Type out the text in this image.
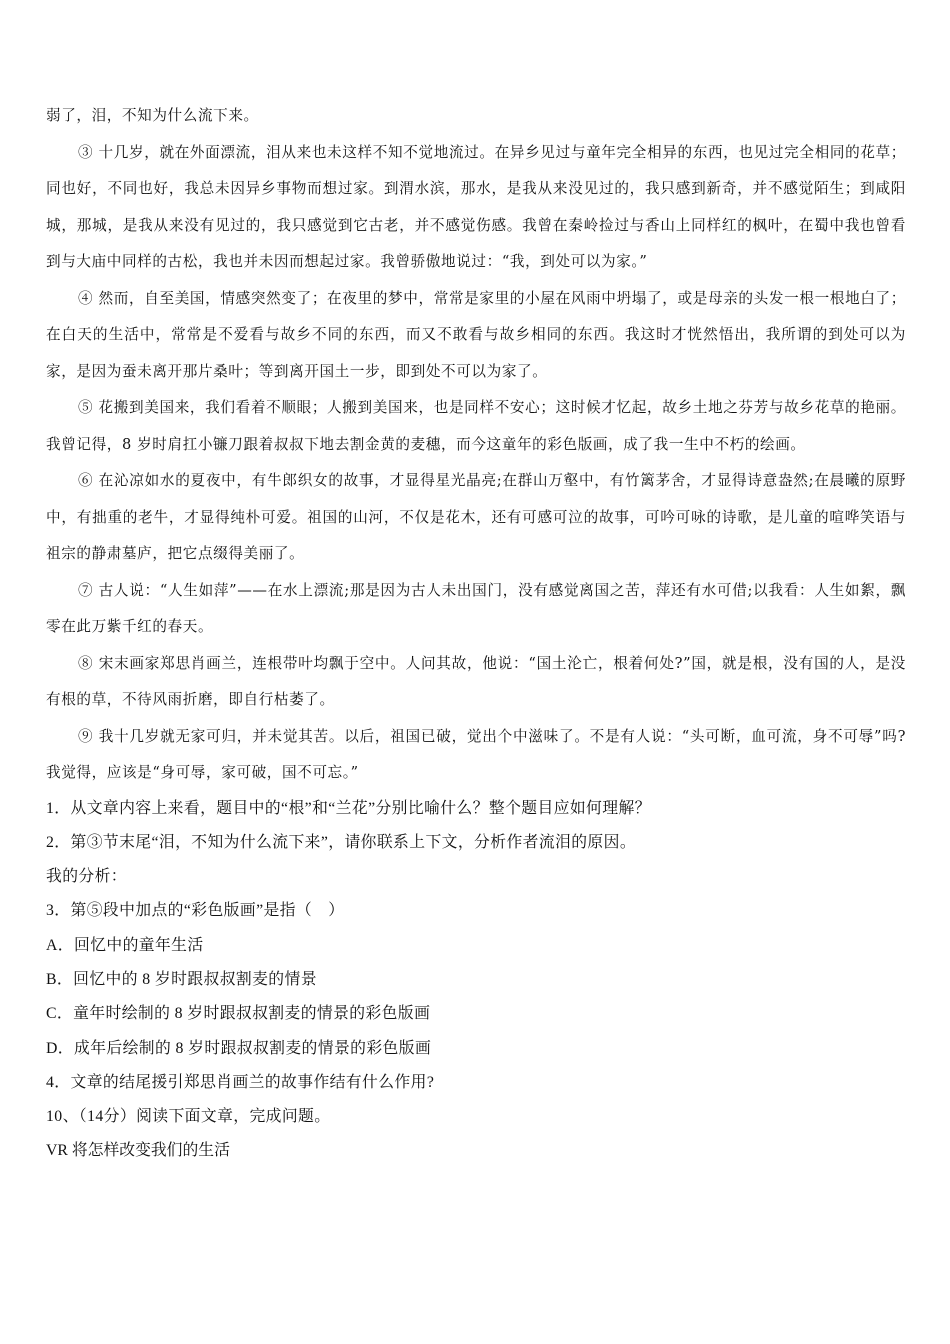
弱了，泪，不知为什么流下来。

③ 十几岁，就在外面漂流，泪从来也未这样不知不觉地流过。在异乡见过与童年完全相异的东西，也见过完全相同的花草；同也好，不同也好，我总未因异乡事物而想过家。到渭水滨，那水，是我从来没见过的，我只感到新奇，并不感觉陌生；到咸阳城，那城，是我从来没有见过的，我只感觉到它古老，并不感觉伤感。我曾在秦岭捡过与香山上同样红的枫叶，在蜀中我也曾看到与大庙中同样的古松，我也并未因而想起过家。我曾骄傲地说过：“我，到处可以为家。”

④ 然而，自至美国，情感突然变了；在夜里的梦中，常常是家里的小屋在风雨中坍塌了，或是母亲的头发一根一根地白了；在白天的生活中，常常是不爱看与故乡不同的东西，而又不敢看与故乡相同的东西。我这时才恍然悟出，我所谓的到处可以为家，是因为蚕未离开那片桑叶；等到离开国土一步，即到处不可以为家了。

⑤ 花搬到美国来，我们看着不顺眼；人搬到美国来，也是同样不安心；这时候才忆起，故乡土地之芬芳与故乡花草的艳丽。我曾记得，8 岁时肩扛小镰刀跟着叔叔下地去割金黄的麦穗，而今这童年的彩色版画，成了我一生中不朽的绘画。

⑥ 在沁凉如水的夏夜中，有牛郎织女的故事，才显得星光晶亮;在群山万壑中，有竹篱茅舍，才显得诗意盎然;在晨曦的原野中，有拙重的老牛，才显得纯朴可爱。祖国的山河，不仅是花木，还有可感可泣的故事，可吟可咏的诗歌，是儿童的喧哗笑语与祖宗的静肃墓庐，把它点缀得美丽了。

⑦ 古人说：“人生如萍”——在水上漂流;那是因为古人未出国门，没有感觉离国之苦，萍还有水可借;以我看：人生如絮，飘零在此万紫千红的春天。

⑧ 宋末画家郑思肖画兰，连根带叶均飘于空中。人问其故，他说：“国土沦亡，根着何处?”国，就是根，没有国的人，是没有根的草，不待风雨折磨，即自行枯萎了。

⑨ 我十几岁就无家可归，并未觉其苦。以后，祖国已破，觉出个中滋味了。不是有人说：“头可断，血可流，身不可辱”吗?我觉得，应该是“身可辱，家可破，国不可忘。”

1．从文章内容上来看，题目中的“根”和“兰花”分别比喻什么？整个题目应如何理解？

2．第③节末尾“泪，不知为什么流下来”，请你联系上下文，分析作者流泪的原因。

我的分析：

3．第⑤段中加点的“彩色版画”是指（　）

A．回忆中的童年生活

B．回忆中的 8 岁时跟叔叔割麦的情景

C．童年时绘制的 8 岁时跟叔叔割麦的情景的彩色版画

D．成年后绘制的 8 岁时跟叔叔割麦的情景的彩色版画

4．文章的结尾援引郑思肖画兰的故事作结有什么作用?

10、（14分）阅读下面文章，完成问题。

VR 将怎样改变我们的生活
